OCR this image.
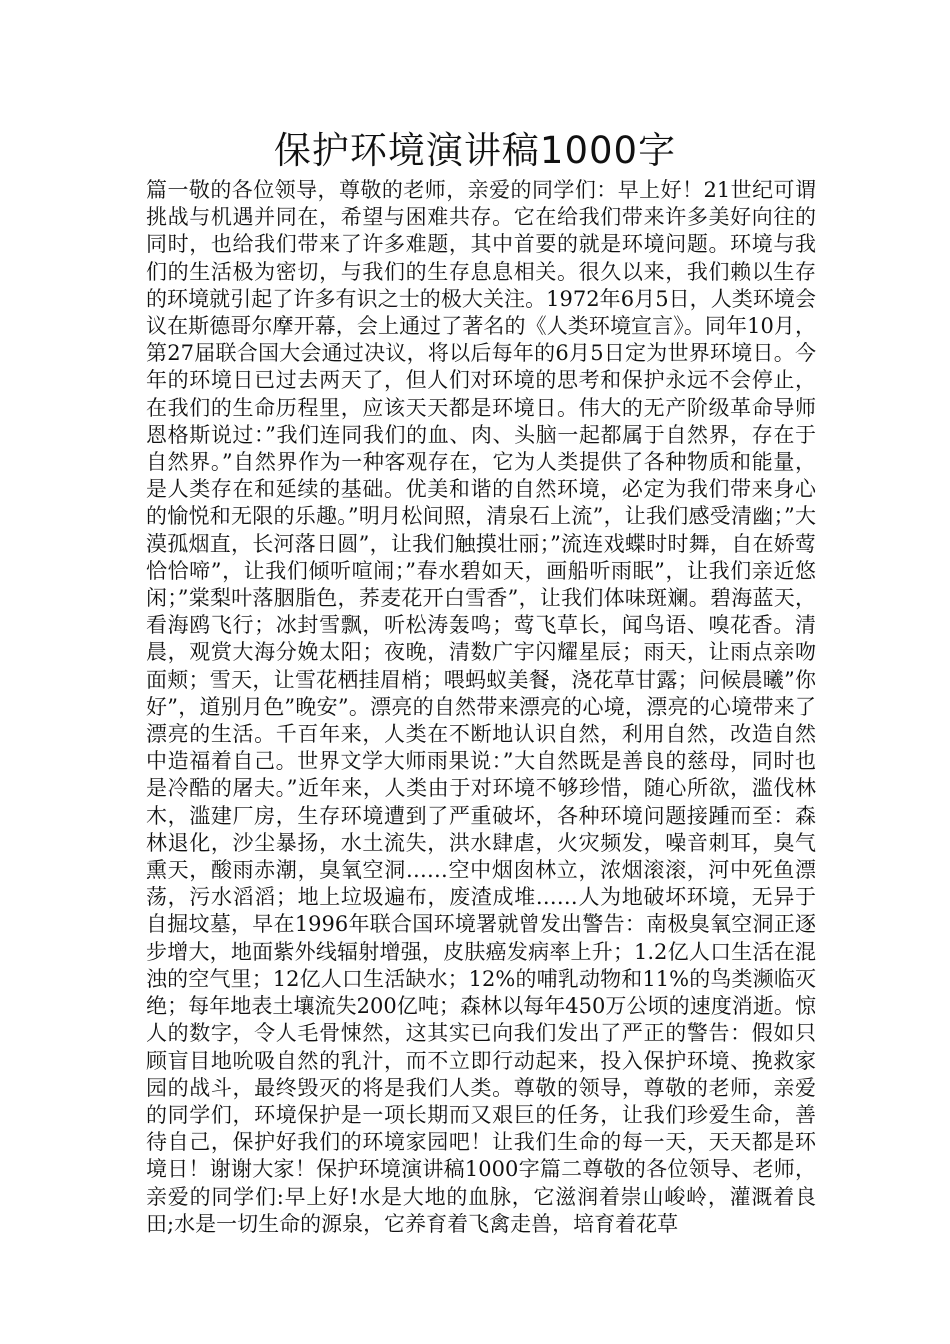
保护环境演讲稿1000字

篇一敬的各位领导，尊敬的老师，亲爱的同学们：早上好！21世纪可谓挑战与机遇并同在，希望与困难共存。它在给我们带来许多美好向往的同时，也给我们带来了许多难题，其中首要的就是环境问题。环境与我们的生活极为密切，与我们的生存息息相关。很久以来，我们赖以生存的环境就引起了许多有识之士的极大关注。1972年6月5日，人类环境会议在斯德哥尔摩开幕，会上通过了著名的《人类环境宣言》。同年10月，第27届联合国大会通过决议，将以后每年的6月5日定为世界环境日。今年的环境日已过去两天了，但人们对环境的思考和保护永远不会停止，在我们的生命历程里，应该天天都是环境日。伟大的无产阶级革命导师恩格斯说过：”我们连同我们的血、肉、头脑一起都属于自然界，存在于自然界。”自然界作为一种客观存在，它为人类提供了各种物质和能量，是人类存在和延续的基础。优美和谐的自然环境，必定为我们带来身心的愉悦和无限的乐趣。”明月松间照，清泉石上流”，让我们感受清幽；”大漠孤烟直，长河落日圆”，让我们触摸壮丽；”流连戏蝶时时舞，自在娇莺恰恰啼”，让我们倾听喧闹；”春水碧如天，画船听雨眠”，让我们亲近悠闲；”棠梨叶落胭脂色，荞麦花开白雪香”，让我们体味斑斓。碧海蓝天，看海鸥飞行；冰封雪飘，听松涛轰鸣；莺飞草长，闻鸟语、嗅花香。清晨，观赏大海分娩太阳；夜晚，清数广宇闪耀星辰；雨天，让雨点亲吻面颊；雪天，让雪花栖挂眉梢；喂蚂蚁美餐，浇花草甘露；问候晨曦”你好”，道别月色”晚安”。漂亮的自然带来漂亮的心境，漂亮的心境带来了漂亮的生活。千百年来，人类在不断地认识自然，利用自然，改造自然中造福着自己。世界文学大师雨果说：”大自然既是善良的慈母，同时也是冷酷的屠夫。”近年来，人类由于对环境不够珍惜，随心所欲，滥伐林木，滥建厂房，生存环境遭到了严重破坏，各种环境问题接踵而至：森林退化，沙尘暴扬，水土流失，洪水肆虐，火灾频发，噪音刺耳，臭气熏天，酸雨赤潮，臭氧空洞……空中烟囱林立，浓烟滚滚，河中死鱼漂荡，污水滔滔；地上垃圾遍布，废渣成堆……人为地破坏环境，无异于自掘坟墓，早在1996年联合国环境署就曾发出警告：南极臭氧空洞正逐步增大，地面紫外线辐射增强，皮肤癌发病率上升；1.2亿人口生活在混浊的空气里；12亿人口生活缺水；12%的哺乳动物和11%的鸟类濒临灭绝；每年地表土壤流失200亿吨；森林以每年450万公顷的速度消逝。惊人的数字，令人毛骨悚然，这其实已向我们发出了严正的警告：假如只顾盲目地吮吸自然的乳汁，而不立即行动起来，投入保护环境、挽救家园的战斗，最终毁灭的将是我们人类。尊敬的领导，尊敬的老师，亲爱的同学们，环境保护是一项长期而又艰巨的任务，让我们珍爱生命，善待自己，保护好我们的环境家园吧！让我们生命的每一天，天天都是环境日！谢谢大家！保护环境演讲稿1000字篇二尊敬的各位领导、老师，亲爱的同学们:早上好!水是大地的血脉，它滋润着崇山峻岭，灌溉着良田;水是一切生命的源泉，它养育着飞禽走兽，培育着花草
